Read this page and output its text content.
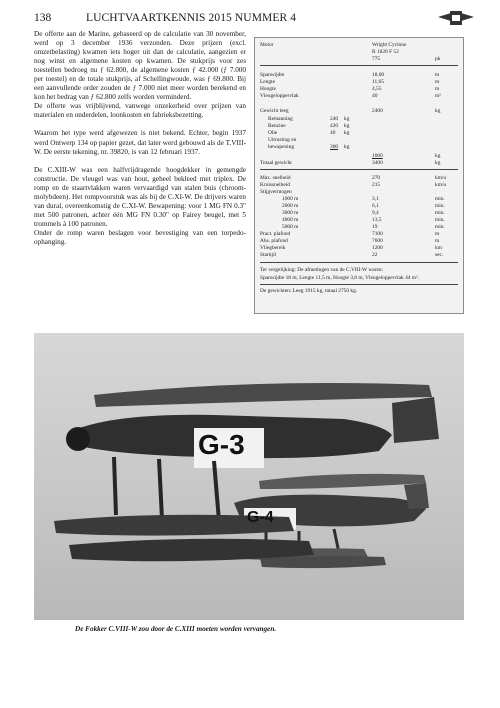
138	LUCHTVAARTKENNIS 2015 NUMMER 4

De offerte aan de Marine, gebaseerd op de calculatie van 30 november, werd op 3 december 1936 verzonden. Deze prijzen (excl. omzetbelasting) kwamen iets hoger uit dan de calculatie, aangezien er nog winst en algemene kosten op kwamen. De stukprijs voor zes toestellen bedroeg nu ƒ 62.800, de algemene kosten ƒ 42.000 (ƒ 7.000 per toestel) en de totale stukprijs, af Schellingwoude, was ƒ 69.800. Bij een aanvullende order zouden de ƒ 7.000 niet meer worden berekend en kon het bedrag van ƒ 62.800 zelfs worden verminderd.

De offerte was vrijblijvend, vanwege onzekerheid over prijzen van materialen en onderdelen, loonkosten en fabrieksbezetting.

Waarom het type werd afgewezen is niet bekend. Echter, begin 1937 werd Ontwerp 134 op papier gezet, dat later werd gebouwd als de T.VIII-W. De eerste tekening, nr. 39820, is van 12 februari 1937.

De C.XIII-W was een halfvrijdragende hoogdekker in gemengde constructie. De vleugel was van hout, geheel bekleed met triplex. De romp en de staartvlakken waren vervaardigd van stalen buis (chroom-molybdeen). Het rompvoorstuk was als bij de C.XI-W. De drijvers waren van dural, overeenkomstig de C.XI-W. Bewapening: voor 1 MG FN 0.3" met 500 patronen, achter één MG FN 0.30" op Fairey beugel, met 5 trommels à 100 patronen.

Onder de romp waren beslagen voor bevestiging van een torpedo-ophanging.

Motor	Wright Cyclone
R 1820 F 52
775	pk
Spanwijdte	18,00	m
Lengte	11,65	m
Hoogte	4,55	m
Vleugeloppervlak	40	m²
Gewicht leeg	2400	kg
Bemanning	240 kg
Benzine	420 kg
Olie	40 kg
Uitrusting en
bewapening	300 kg
1000	kg
Totaal gewicht	3400	kg
Max. snelheid	270	km/u
Kruissnelheid	215	km/u
Stijgvermogen
1000 m	3,1	min.
2000 m	6,1	min.
3000 m	9,4	min.
4000 m	13,5	min.
5000 m	19	min.
Pract. plafond	7100	m
Abs. plafond	7600	m
Vliegbereik	1200	km
Startijd	22	sec.
Ter vergelijking: De afmetingen van de C.VIII-W waren:
Spanwijdte 18 m, Lengte 11,5 m, Hoogte 3,8 m, Vleugeloppervlak 44 m².
De gewichten: Leeg 1915 kg, totaal 2750 kg.
G-3
G-4
De Fokker C.VIII-W zou door de C.XIII moeten worden vervangen.
